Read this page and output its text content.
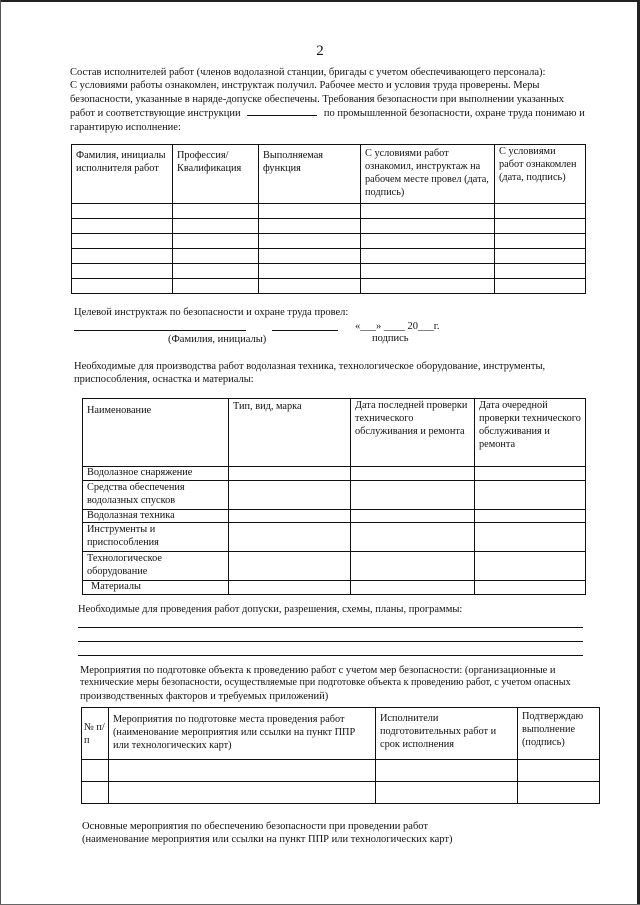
2

Состав исполнителей работ (членов водолазной станции, бригады с учетом обеспечивающего персонала):

С условиями работы ознакомлен, инструктаж получил. Рабочее место и условия труда проверены. Меры

безопасности, указанные в наряде-допуске обеспечены. Требования безопасности при выполнении указанных

работ и соответствующие инструкции	по промышленной безопасности, охране труда понимаю и

гарантирую исполнение:

Фамилия, инициалы исполнителя работ	Профессия/ Квалификация	Выполняемая функция	С условиями работ ознакомил, инструктаж на рабочем месте провел (дата, подпись)	С условиями работ ознакомлен (дата, подпись)

Целевой инструктаж по безопасности и охране труда провел:
«___» ____ 20___г.
(Фамилия, инициалы)	подпись

Необходимые для производства работ водолазная техника, технологическое оборудование, инструменты,

приспособления, оснастка и материалы:

Наименование	Тип, вид, марка	Дата последней проверки технического обслуживания и ремонта	Дата очередной проверки технического обслуживания и ремонта
Водолазное снаряжение			
Средства обеспечения водолазных спусков			
Водолазная техника			
Инструменты и приспособления			
Технологическое оборудование			
Материалы			
Необходимые для проведения работ допуски, разрешения, схемы, планы, программы:

Мероприятия по подготовке объекта к проведению работ с учетом мер безопасности: (организационные и

технические меры безопасности, осуществляемые при подготовке объекта к проведению работ, с учетом опасных

производственных факторов и требуемых приложений)

№ п/п	Мероприятия по подготовке места проведения работ (наименование мероприятия или ссылки на пункт ППР или технологических карт)	Исполнители подготовительных работ и срок исполнения	Подтверждаю выполнение (подпись)

Основные мероприятия по обеспечению безопасности при проведении работ

(наименование мероприятия или ссылки на пункт ППР или технологических карт)
